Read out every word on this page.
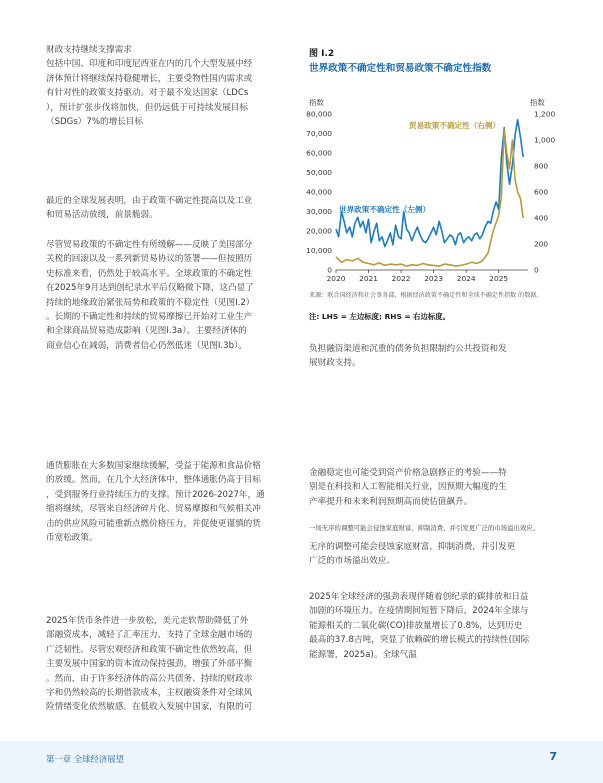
财政支持继续支撑需求
包括中国、印度和印度尼西亚在内的几个大型发展中经
济体预计将继续保持稳健增长，主要受物性国内需求或
有针对性的政策支持驱动。对于最不发达国家（LDCs
），预计扩张步伐将加快，但仍远低于可持续发展目标
（SDGs）7%的增长目标
最近的全球发展表明，由于政策不确定性提高以及工业
和贸易活动放缓，前景脆弱。
尽管贸易政策的不确定性有所缓解——反映了美国部分
关税的回滚以及一系列新贸易协议的签署——但按照历
史标准来看，仍然处于较高水平。全球政策的不确定性
在2025年9月达到创纪录水平后仅略微下降，这凸显了
持续的地缘政治紧张局势和政策的不稳定性（见图I.2）
。长期的不确定性和持续的贸易摩擦已开始对工业生产
和全球商品贸易造成影响（见图I.3a）。主要经济体的
商业信心在减弱，消费者信心仍然低迷（见图I.3b）。
通货膨胀在大多数国家继续缓解，受益于能源和食品价格
的放缓。然而，在几个大经济体中，整体通胀仍高于目标
，受到服务行业持续压力的支撑。预计2026-2027年，通
缩将继续，尽管来自经济碎片化、贸易摩擦和气候相关冲
击的供应风险可能重新点燃价格压力，并促使更谨慎的货
币宽松政策。
2025年货币条件进一步放松，美元走软帮助降低了外
部融资成本，减轻了汇率压力，支持了全球金融市场的
广泛韧性。尽管宏观经济和政策不确定性依然较高，但
主要发展中国家的资本流动保持强劲，增强了外部平衡
。然而，由于许多经济体的高公共债务、持续的财政赤
字和仍然较高的长期借款成本，主权融资条件对全球风
险情绪变化依然敏感。在低收入发展中国家，有限的可
图 I.2
世界政策不确定性和贸易政策不确定性指数
指数	指数
0
10,000
20,000
30,000
40,000
50,000
60,000
70,000
80,000
0
200
400
600
800
1,000
1,200
2020 2021 2022 2023 2024 2025
世界政策不确定性（左侧）
贸易政策不确定性（右侧）
来源：联合国经济和社会事务部，根据经济政策不确定性和全球不确定性指数 的数据。
注: LHS = 左边标度; RHS = 右边标度。
负担融资渠道和沉重的债务负担限制约公共投资和发
展财政支持。
金融稳定也可能受到资产价格急剧修正的考验——特
别是在科技和人工智能相关行业，因预期大幅度的生
产率提升和未来利润预期高而使估值飙升。
一场无序的调整可能会侵蚀家庭财富，抑制消费，并引发更广泛的市场溢出效应。
无序的调整可能会侵蚀家庭财富，抑制消费，并引发更
广泛的市场溢出效应。
2025年全球经济的强劲表现伴随着创纪录的碳排放和日益
加剧的环境压力。在疫情期间短暂下降后，2024年全球与
能源相关的二氧化碳(CO)排放量增长了0.8%，达到历史
最高的37.8吉吨，突显了依赖碳的增长模式的持续性(国际
能源署，2025a)。全球气温
第一章 全球经济展望	7
